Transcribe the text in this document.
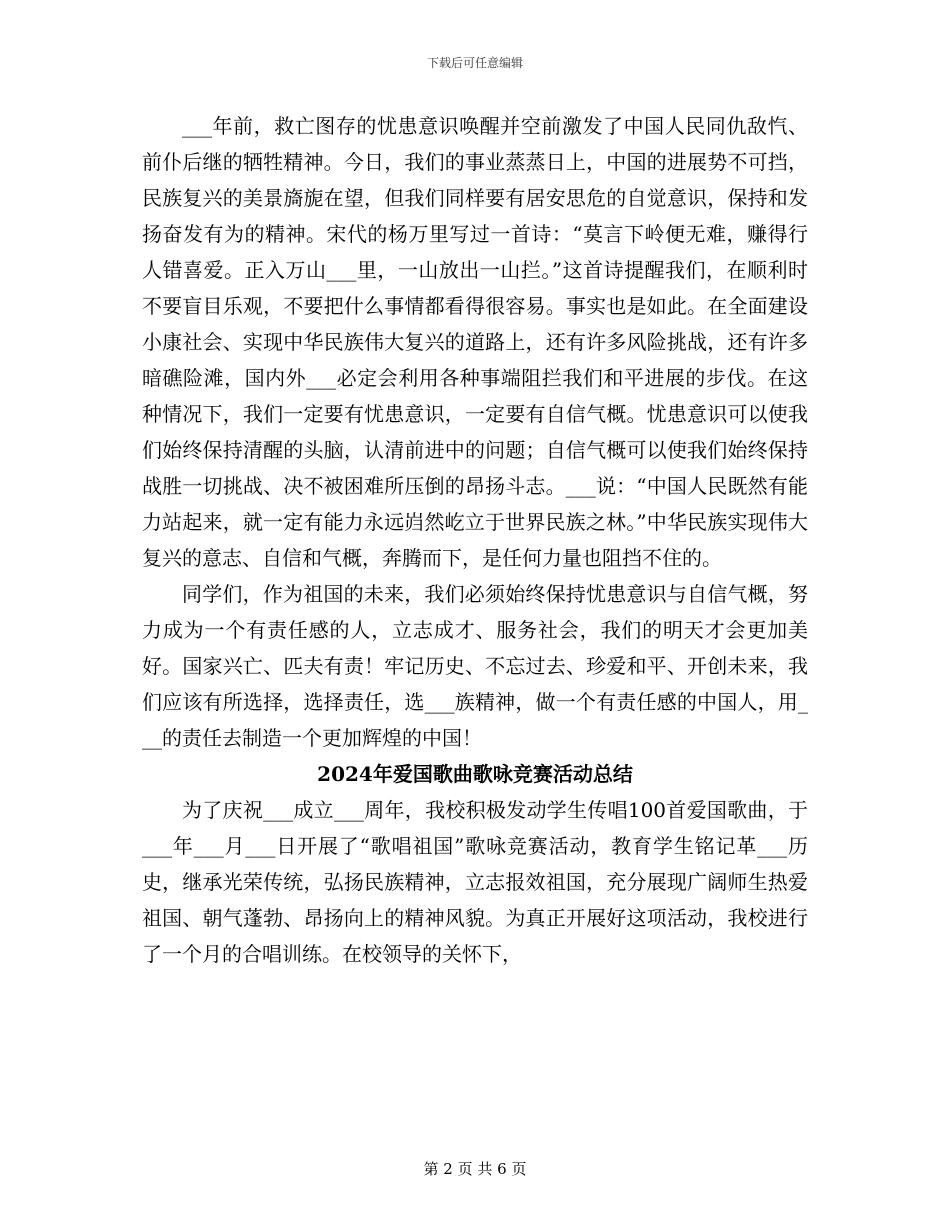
下载后可任意编辑

___年前，救亡图存的忧患意识唤醒并空前激发了中国人民同仇敌忾、前仆后继的牺牲精神。今日，我们的事业蒸蒸日上，中国的进展势不可挡，民族复兴的美景旖旎在望，但我们同样要有居安思危的自觉意识，保持和发扬奋发有为的精神。宋代的杨万里写过一首诗：“莫言下岭便无难，赚得行人错喜爱。正入万山___里，一山放出一山拦。”这首诗提醒我们，在顺利时不要盲目乐观，不要把什么事情都看得很容易。事实也是如此。在全面建设小康社会、实现中华民族伟大复兴的道路上，还有许多风险挑战，还有许多暗礁险滩，国内外___必定会利用各种事端阻拦我们和平进展的步伐。在这种情况下，我们一定要有忧患意识，一定要有自信气概。忧患意识可以使我们始终保持清醒的头脑，认清前进中的问题；自信气概可以使我们始终保持战胜一切挑战、决不被困难所压倒的昂扬斗志。___说：“中国人民既然有能力站起来，就一定有能力永远岿然屹立于世界民族之林。”中华民族实现伟大复兴的意志、自信和气概，奔腾而下，是任何力量也阻挡不住的。

同学们，作为祖国的未来，我们必须始终保持忧患意识与自信气概，努力成为一个有责任感的人，立志成才、服务社会，我们的明天才会更加美好。国家兴亡、匹夫有责！牢记历史、不忘过去、珍爱和平、开创未来，我们应该有所选择，选择责任，选___族精神，做一个有责任感的中国人，用___的责任去制造一个更加辉煌的中国！

2024年爱国歌曲歌咏竞赛活动总结

为了庆祝___成立___周年，我校积极发动学生传唱100首爱国歌曲，于___年___月___日开展了“歌唱祖国”歌咏竞赛活动，教育学生铭记革___历史，继承光荣传统，弘扬民族精神，立志报效祖国，充分展现广阔师生热爱祖国、朝气蓬勃、昂扬向上的精神风貌。为真正开展好这项活动，我校进行了一个月的合唱训练。在校领导的关怀下，

第 2 页 共 6 页
